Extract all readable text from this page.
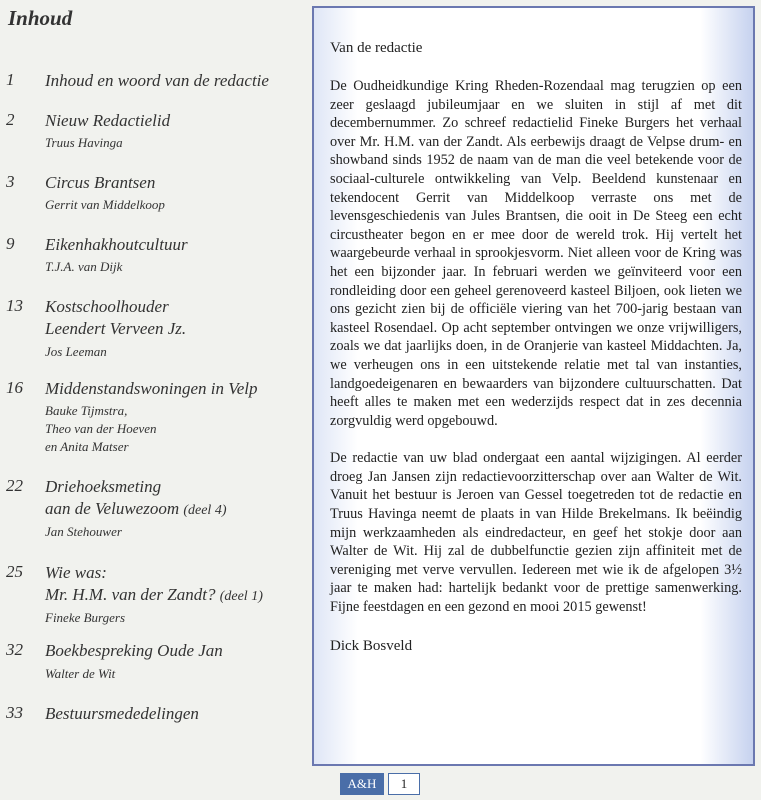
Inhoud
1	Inhoud en woord van de redactie
2	Nieuw Redactielid
Truus Havinga
3	Circus Brantsen
Gerrit van Middelkoop
9	Eikenhakhoutcultuur
T.J.A. van Dijk
13	Kostschoolhouder
Leendert Verveen Jz.
Jos Leeman
16	Middenstandswoningen in Velp
Bauke Tijmstra,
Theo van der Hoeven
en Anita Matser
22	Driehoeksmeting
aan de Veluwezoom (deel 4)
Jan Stehouwer
25	Wie was:
Mr. H.M. van der Zandt? (deel 1)
Fineke Burgers
32	Boekbespreking Oude Jan
Walter de Wit
33	Bestuursmededelingen
Van de redactie

De Oudheidkundige Kring Rheden-Rozendaal mag terugzien op een zeer geslaagd jubileumjaar en we sluiten in stijl af met dit decembernummer. Zo schreef redactielid Fineke Burgers het verhaal over Mr. H.M. van der Zandt. Als eerbewijs draagt de Velpse drum- en showband sinds 1952 de naam van de man die veel betekende voor de sociaal-culturele ontwikkeling van Velp. Beeldend kunstenaar en tekendocent Gerrit van Middelkoop verraste ons met de levensgeschiedenis van Jules Brantsen, die ooit in De Steeg een echt circustheater begon en er mee door de wereld trok. Hij vertelt het waargebeurde verhaal in sprookjesvorm. Niet alleen voor de Kring was het een bijzonder jaar. In februari werden we geïnviteerd voor een rondleiding door een geheel gerenoveerd kasteel Biljoen, ook lieten we ons gezicht zien bij de officiële viering van het 700-jarig bestaan van kasteel Rosendael. Op acht september ontvingen we onze vrijwilligers, zoals we dat jaarlijks doen, in de Oranjerie van kasteel Middachten. Ja, we verheugen ons in een uitstekende relatie met tal van instanties, landgoedeigenaren en bewaarders van bijzondere cultuurschatten. Dat heeft alles te maken met een wederzijds respect dat in zes decennia zorgvuldig werd opgebouwd.

De redactie van uw blad ondergaat een aantal wijzigingen. Al eerder droeg Jan Jansen zijn redactievoorzitterschap over aan Walter de Wit. Vanuit het bestuur is Jeroen van Gessel toegetreden tot de redactie en Truus Havinga neemt de plaats in van Hilde Brekelmans. Ik beëindig mijn werkzaamheden als eindredacteur, en geef het stokje door aan Walter de Wit. Hij zal de dubbelfunctie gezien zijn affiniteit met de vereniging met verve vervullen. Iedereen met wie ik de afgelopen 3½ jaar te maken had: hartelijk bedankt voor de prettige samenwerking. Fijne feestdagen en een gezond en mooi 2015 gewenst!

Dick Bosveld
A&H	1
